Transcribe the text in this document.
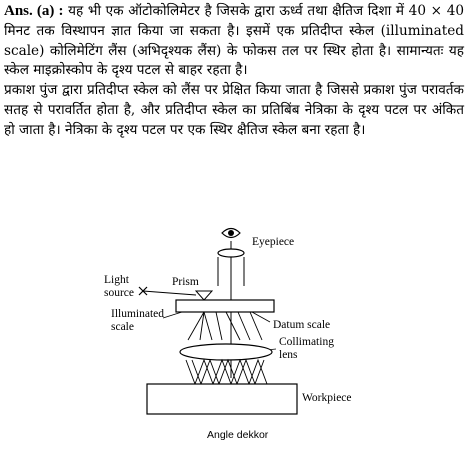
Ans. (a) : यह भी एक ऑटोकोलिमेटर है जिसके द्वारा ऊर्ध्व तथा क्षैतिज दिशा में 40 × 40 मिनट तक विस्थापन ज्ञात किया जा सकता है। इसमें एक प्रतिदीप्त स्केल (illuminated scale) कोलिमेटिंग लैंस (अभिदृश्यक लैंस) के फोकस तल पर स्थिर होता है। सामान्यतः यह स्केल माइक्रोस्कोप के दृश्य पटल से बाहर रहता है।

प्रकाश पुंज द्वारा प्रतिदीप्त स्केल को लैंस पर प्रेक्षित किया जाता है जिससे प्रकाश पुंज परावर्तक सतह से परावर्तित होता है, और प्रतिदीप्त स्केल का प्रतिबिंब नेत्रिका के दृश्य पटल पर अंकित हो जाता है। नेत्रिका के दृश्य पटल पर एक स्थिर क्षैतिज स्केल बना रहता है।

Eyepiece
Prism
Light
source
Illuminated
scale	Datum scale
Collimating
lens
Workpiece
Angle dekkor
